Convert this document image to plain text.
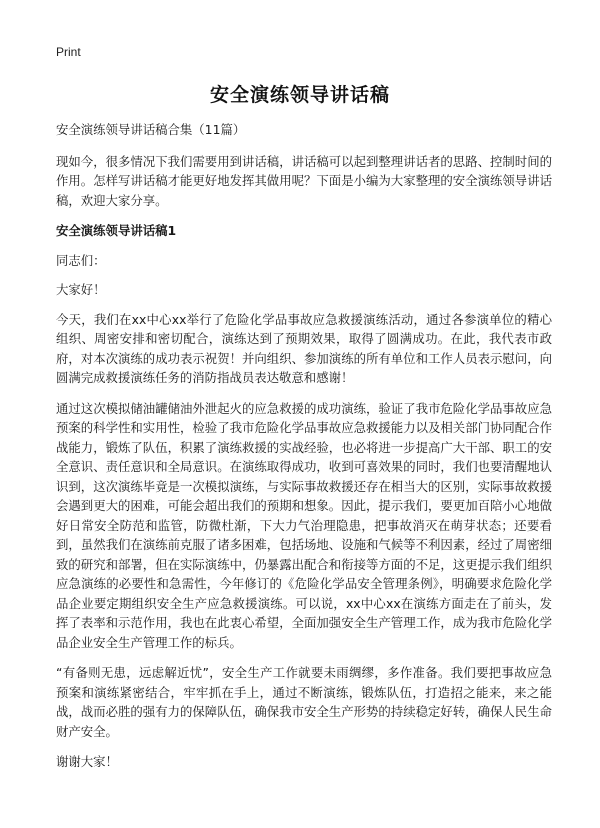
Print
安全演练领导讲话稿

安全演练领导讲话稿合集（11篇）

现如今，很多情况下我们需要用到讲话稿，讲话稿可以起到整理讲话者的思路、控制时间的作用。怎样写讲话稿才能更好地发挥其做用呢？下面是小编为大家整理的安全演练领导讲话稿，欢迎大家分享。

安全演练领导讲话稿1

同志们：

大家好！

今天，我们在xx中心xx举行了危险化学品事故应急救援演练活动，通过各参演单位的精心组织、周密安排和密切配合，演练达到了预期效果，取得了圆满成功。在此，我代表市政府，对本次演练的成功表示祝贺！并向组织、参加演练的所有单位和工作人员表示慰问，向圆满完成救援演练任务的消防指战员表达敬意和感谢！

通过这次模拟储油罐储油外泄起火的应急救援的成功演练，验证了我市危险化学品事故应急预案的科学性和实用性，检验了我市危险化学品事故应急救援能力以及相关部门协同配合作战能力，锻炼了队伍，积累了演练救援的实战经验，也必将进一步提高广大干部、职工的安全意识、责任意识和全局意识。在演练取得成功，收到可喜效果的同时，我们也要清醒地认识到，这次演练毕竟是一次模拟演练，与实际事故救援还存在相当大的区别，实际事故救援会遇到更大的困难，可能会超出我们的预期和想象。因此，提示我们，要更加百陪小心地做好日常安全防范和监管，防微杜渐，下大力气治理隐患，把事故消灭在萌芽状态；还要看到，虽然我们在演练前克服了诸多困难，包括场地、设施和气候等不利因素，经过了周密细致的研究和部署，但在实际演练中，仍暴露出配合和衔接等方面的不足，这更提示我们组织应急演练的必要性和急需性，今年修订的《危险化学品安全管理条例》，明确要求危险化学品企业要定期组织安全生产应急救援演练。可以说，xx中心xx在演练方面走在了前头，发挥了表率和示范作用，我也在此衷心希望，全面加强安全生产管理工作，成为我市危险化学品企业安全生产管理工作的标兵。

“有备则无患，远虑解近忧”，安全生产工作就要未雨绸缪，多作准备。我们要把事故应急预案和演练紧密结合，牢牢抓在手上，通过不断演练，锻炼队伍，打造招之能来，来之能战，战而必胜的强有力的保障队伍，确保我市安全生产形势的持续稳定好转，确保人民生命财产安全。

谢谢大家！
